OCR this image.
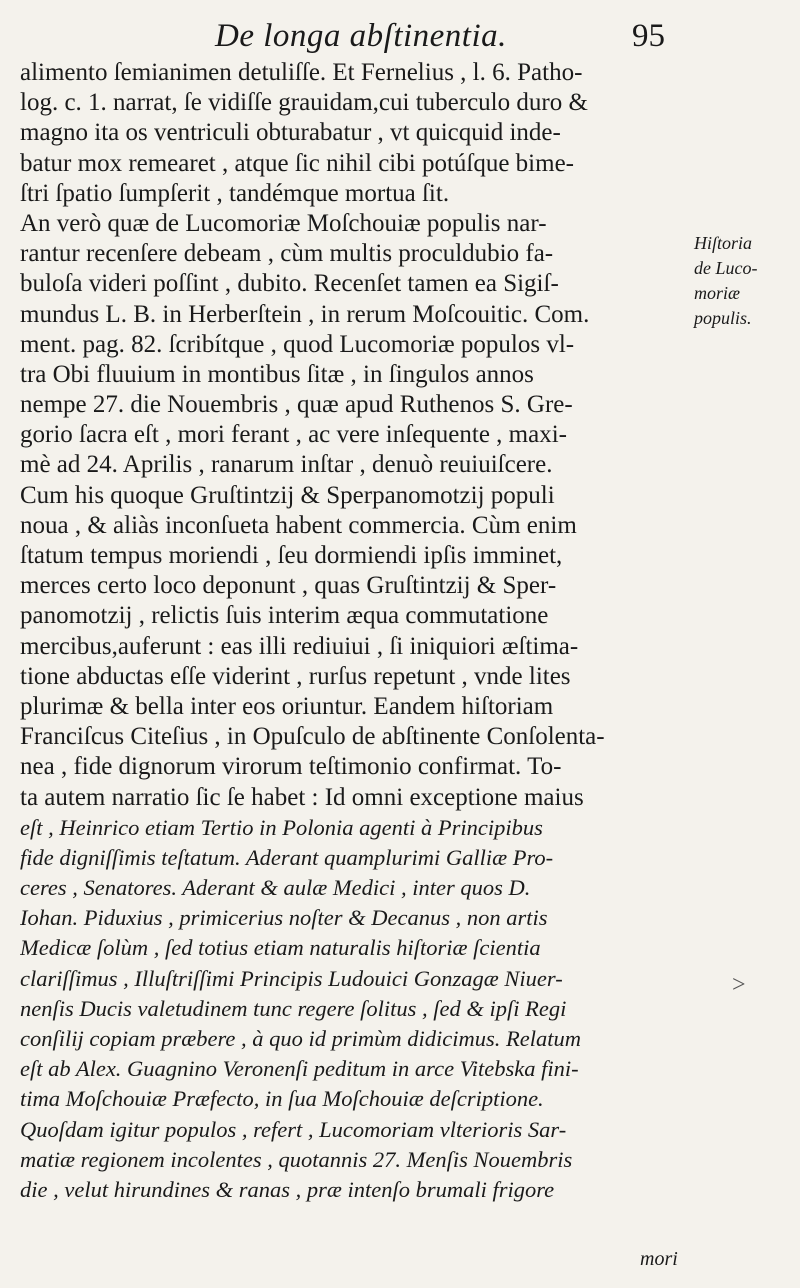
De longa abſtinentia.	95
alimento ſemianimen detuliſſe. Et Fernelius , l. 6. Patho-
log. c. 1. narrat, ſe vidiſſe grauidam,cui tuberculo duro &
magno ita os ventriculi obturabatur , vt quicquid inde-
batur mox remearet , atque ſic nihil cibi potúſque bime-
ſtri ſpatio ſumpſerit , tandémque mortua ſit.
An verò quæ de Lucomoriæ Moſchouiæ populis nar-
rantur recenſere debeam , cùm multis proculdubio fa-
buloſa videri poſſint , dubito. Recenſet tamen ea Sigiſ-
mundus L. B. in Herberſtein , in rerum Moſcouitic. Com.
ment. pag. 82. ſcribítque , quod Lucomoriæ populos vl-
tra Obi fluuium in montibus ſitæ , in ſingulos annos
nempe 27. die Nouembris , quæ apud Ruthenos S. Gre-
gorio ſacra eſt , mori ferant , ac vere inſequente , maxi-
mè ad 24. Aprilis , ranarum inſtar , denuò reuiuiſcere.
Cum his quoque Gruſtintzij & Sperpanomotzij populi
noua , & aliàs inconſueta habent commercia. Cùm enim
ſtatum tempus moriendi , ſeu dormiendi ipſis imminet,
merces certo loco deponunt , quas Gruſtintzij & Sper-
panomotzij , relictis ſuis interim æqua commutatione
mercibus,auferunt : eas illi rediuiui , ſi iniquiori æſtima-
tione abductas eſſe viderint , rurſus repetunt , vnde lites
plurimæ & bella inter eos oriuntur. Eandem hiſtoriam
Franciſcus Citeſius , in Opuſculo de abſtinente Conſolenta-
nea , fide dignorum virorum teſtimonio confirmat. To-
ta autem narratio ſic ſe habet : Id omni exceptione maius
eſt , Heinrico etiam Tertio in Polonia agenti à Principibus
fide digniſſimis teſtatum. Aderant quamplurimi Galliæ Pro-
ceres , Senatores. Aderant & aulæ Medici , inter quos D.
Iohan. Piduxius , primicerius noſter & Decanus , non artis
Medicæ ſolùm , ſed totius etiam naturalis hiſtoriæ ſcientia
clariſſimus , Illuſtriſſimi Principis Ludouici Gonzagæ Niuer-
nenſis Ducis valetudinem tunc regere ſolitus , ſed & ipſi Regi
conſilij copiam præbere , à quo id primùm didicimus. Relatum
eſt ab Alex. Guagnino Veronenſi peditum in arce Vitebska fini-
tima Moſchouiæ Præfecto, in ſua Moſchouiæ deſcriptione.
Quoſdam igitur populos , refert , Lucomoriam vlterioris Sar-
matiæ regionem incolentes , quotannis 27. Menſis Nouembris
die , velut hirundines & ranas , præ intenſo brumali frigore
Hiſtoria
de Luco-
moriæ
populis.
>
mori
